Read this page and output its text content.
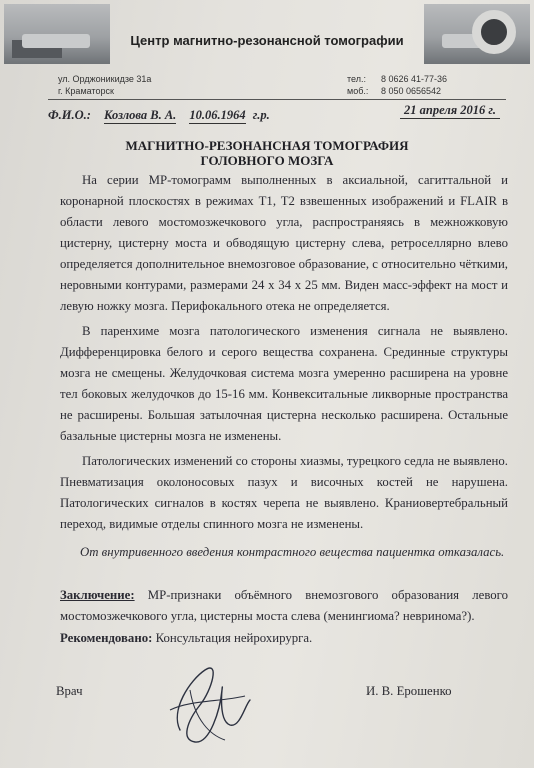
Центр магнитно-резонансной томографии
ул. Орджоникидзе 31а
г. Краматорск
тел.: 8 0626 41-77-36
моб.: 8 050 0656542
Ф.И.О.: Козлова В. А. 10.06.1964 г.р.	21 апреля 2016 г.
МАГНИТНО-РЕЗОНАНСНАЯ ТОМОГРАФИЯ
ГОЛОВНОГО МОЗГА

На серии МР-томограмм выполненных в аксиальной, сагиттальной и коронарной плоскостях в режимах T1, T2 взвешенных изображений и FLAIR в области левого мостомозжечкового угла, распространяясь в межножковую цистерну, цистерну моста и обводящую цистерну слева, ретроселлярно влево определяется дополнительное внемозговое образование, с относительно чёткими, неровными контурами, размерами 24 х 34 х 25 мм. Виден масс-эффект на мост и левую ножку мозга. Перифокального отека не определяется.

В паренхиме мозга патологического изменения сигнала не выявлено. Дифференцировка белого и серого вещества сохранена. Срединные структуры мозга не смещены. Желудочковая система мозга умеренно расширена на уровне тел боковых желудочков до 15-16 мм. Конвекситальные ликворные пространства не расширены. Большая затылочная цистерна несколько расширена. Остальные базальные цистерны мозга не изменены.

Патологических изменений со стороны хиазмы, турецкого седла не выявлено. Пневматизация околоносовых пазух и височных костей не нарушена. Патологических сигналов в костях черепа не выявлено. Краниовертебральный переход, видимые отделы спинного мозга не изменены.

От внутривенного введения контрастного вещества пациентка отказалась.
Заключение: МР-признаки объёмного внемозгового образования левого мостомозжечкового угла, цистерны моста слева (менингиома? невринома?).
Рекомендовано: Консультация нейрохирурга.
Врач	И. В. Ерошенко
